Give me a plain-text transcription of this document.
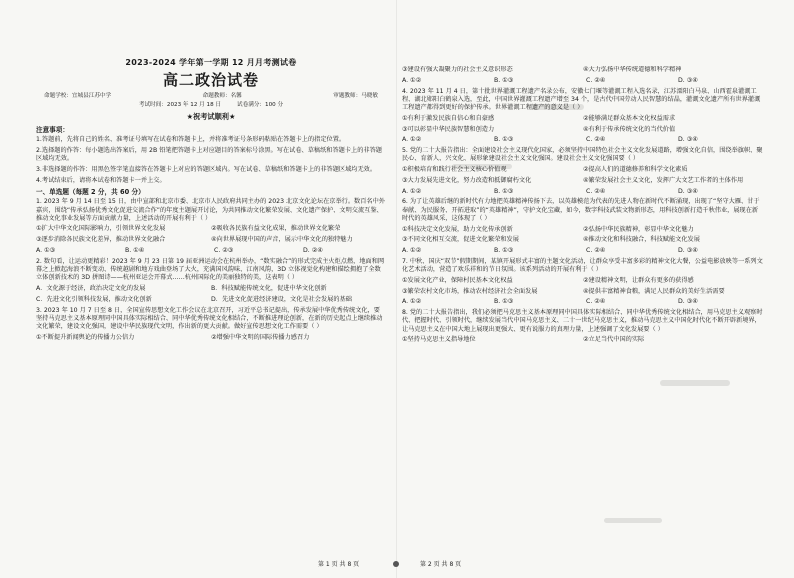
2023-2024 学年第一学期 12 月月考测试卷
高二政治试卷
命题学校：宜城县江苏中学	命题教师：名馨	审题教师：马晓敏
考试时间：2023 年 12 月 18 日	试卷满分：100 分
★祝考试顺利★
注意事项：

1.答题前，先将自己的姓名、准考证号填写在试卷和答题卡上，并将准考证号条形码粘贴在答题卡上的指定位置。

2.选择题的作答：每小题选出答案后，用 2B 铅笔把答题卡上对应题目的答案标号涂黑。写在试卷、草稿纸和答题卡上的非答题区域均无效。

3.非选择题的作答：用黑色签字笔直接答在答题卡上对应的答题区域内。写在试卷、草稿纸和答题卡上的非答题区域均无效。

4.考试结束后，请将本试卷和答题卡一并上交。

一、单选题（每题 2 分，共 60 分）

1. 2023 年 9 月 14 日至 15 日，由中宣部和北京市委、北京市人民政府共同主办的 2023 北京文化论坛在京举行。数百名中外嘉宾，围绕“传承弘扬优秀文化促进交流合作”的年度主题展开讨论，为共同推动文化繁荣发展、文化遗产保护、文明交流互鉴、推动文化事业发展等方面贡献力量，上述活动的开展有利于（ ）

①扩大中华文化国际影响力，引领世界文化发展	②吸收各民族有益文化成果，推动世界文化繁荣
③逐步消除各民族文化差异，推动世界文化融合	④向世界展现中国的声音，展示中华文化的独特魅力
A. ①③	B. ①④	C. ②③	D. ②④

2. 数句看，让运动更精彩！2023 年 9 月 23 日第 19 届亚洲运动会在杭州举办，“数实融合”的形式完成主火炬点燃，地面和网幕之上掀起海浪不断变动、传统越剧和地方戏曲登场了大火，充满国风韵味、江南风韵，3D 立体视觉化构建和描绘拥抱了全数立体创新技术的 3D 拼图诗——杭州亚运会开幕式……杭州国际化的美丽独特的美，这表明（ ）

A．文化源于经济，政治决定文化的发展	B．科技赋能传统文化，促进中华文化创新
C．先进文化引领科技发展，推动文化创新	D．先进文化促进经济建设，文化是社会发展的基础

3. 2023 年 10 月 7 日至 8 日，全国宣传思想文化工作会议在北京召开，习近平总书记提出，传承发展中华优秀传统文化，要坚持马克思主义基本原理同中国具体实际相结合、同中华优秀传统文化相结合，不断推进理论创新，在新的历史起点上继续推动文化繁荣，建设文化强国，建设中华民族现代文明，作出新的更大贡献。做好宣传思想文化工作需要（ ）

①不断提升新闻舆论的传播力公信力	②增强中华文明的国际传播力感召力
③建设有强大凝聚力的社会主义意识形态	④大力弘扬中华传统道德和科学精神
A. ①②	B. ①③	C. ②④	D. ③④

4. 2023 年 11 月 4 日，第十批世界灌溉工程遗产名录公布，安徽七门堰等灌溉工程入选名录，江苏溧阳白马泉、山西霍泉灌溉工程、湖北郧阳白鹤泉入选，至此，中国世界灌溉工程遗产增至 34 个，是古代中国劳动人民智慧的结晶，灌溉文化遗产所有世界灌溉工程遗产都得到更好的保护传承。世界灌溉工程遗产的意义是（ ）

①有利于激发民族自信心和自豪感	②能够满足群众基本文化权益需求
③可以彰显中华民族智慧和创造力	④有利于传承传统文化的当代价值
A. ①②	B. ①③	C. ②④	D. ③④

5. 党的二十大报告指出：全面建设社会主义现代化国家，必须坚持中国特色社会主义文化发展道路，增强文化自信，围绕举旗帜、聚民心、育新人、兴文化、展形象建设社会主义文化强国。建设社会主义文化强国要（ ）

①积极培育和践行社会主义核心价值观	②提高人们的道德修养和科学文化素质
③大力发展先进文化，努力改造和抵御腐朽文化	④繁荣发展社会主义文化，发挥广大文艺工作者的主体作用
A. ①②	B. ①③	C. ②④	D. ③④

6. 为了让英雄后继的新时代有力地把英雄精神传扬下去，以英雄模范为代表的先进人物在新时代不断涌现，出现了“坚守大雁、甘于奉献、为民服务、开拓进取”的“英雄精神”，守护文化宝藏，如今，数字科技武装文物新形态，用科技创新打造千秋伟业，展现在新时代的英雄风采，这体现了（ ）

①科技决定文化发展，助力文化传承创新	②弘扬中华民族精神，彰显中华文化魅力
③不同文化相互交流，促进文化繁荣和发展	④推动文化和科技融合，科技赋能文化发展
A. ①②	B. ①③	C. ②④	D. ③④

7. 中秋、国庆“双节”假期期间，某镇开展形式丰富的主题文化活动，让群众享受丰富多彩的精神文化大餐，公益电影放映等一系列文化艺术活动，营造了欢乐祥和的节日氛围。该系列活动的开展有利于（ ）

①发展文化产业，保障村民基本文化权益	②建设精神文明，让群众有更多的获得感
③繁荣农村文化市场，推动农村经济社会全面发展	④提供丰富精神食粮，满足人民群众的美好生活需要
A. ①②	B. ①③	C. ②④	D. ③④

8. 党的二十大报告指出，我们必须把马克思主义基本原理同中国具体实际相结合、同中华优秀传统文化相结合，用马克思主义观察时代、把握时代、引领时代，继续发展当代中国马克思主义、二十一世纪马克思主义，推动马克思主义中国化时代化不断开辟新境界，让马克思主义在中国大地上展现出更强大、更有说服力的真理力量，上述强调了文化发展要（ ）

①坚持马克思主义指导地位	②立足当代中国的实际
第 1 页 共 8 页	第 2 页 共 8 页
